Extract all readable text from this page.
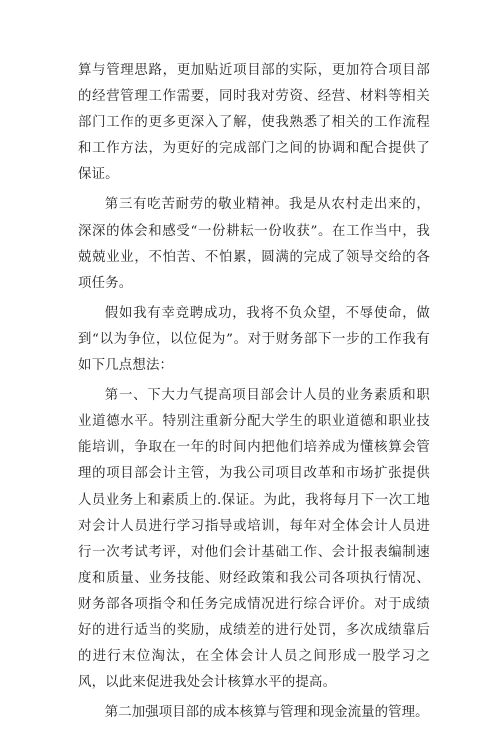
算与管理思路，更加贴近项目部的实际，更加符合项目部的经营管理工作需要，同时我对劳资、经营、材料等相关部门工作的更多更深入了解，使我熟悉了相关的工作流程和工作方法，为更好的完成部门之间的协调和配合提供了保证。

第三有吃苦耐劳的敬业精神。我是从农村走出来的，深深的体会和感受“一份耕耘一份收获”。在工作当中，我兢兢业业，不怕苦、不怕累，圆满的完成了领导交给的各项任务。

假如我有幸竞聘成功，我将不负众望，不辱使命，做到“以为争位，以位促为”。对于财务部下一步的工作我有如下几点想法：

第一、下大力气提高项目部会计人员的业务素质和职业道德水平。特别注重新分配大学生的职业道德和职业技能培训，争取在一年的时间内把他们培养成为懂核算会管理的项目部会计主管，为我公司项目改革和市场扩张提供人员业务上和素质上的.保证。为此，我将每月下一次工地对会计人员进行学习指导或培训，每年对全体会计人员进行一次考试考评，对他们会计基础工作、会计报表编制速度和质量、业务技能、财经政策和我公司各项执行情况、财务部各项指令和任务完成情况进行综合评价。对于成绩好的进行适当的奖励，成绩差的进行处罚，多次成绩靠后的进行末位淘汰，在全体会计人员之间形成一股学习之风，以此来促进我处会计核算水平的提高。

第二加强项目部的成本核算与管理和现金流量的管理。
